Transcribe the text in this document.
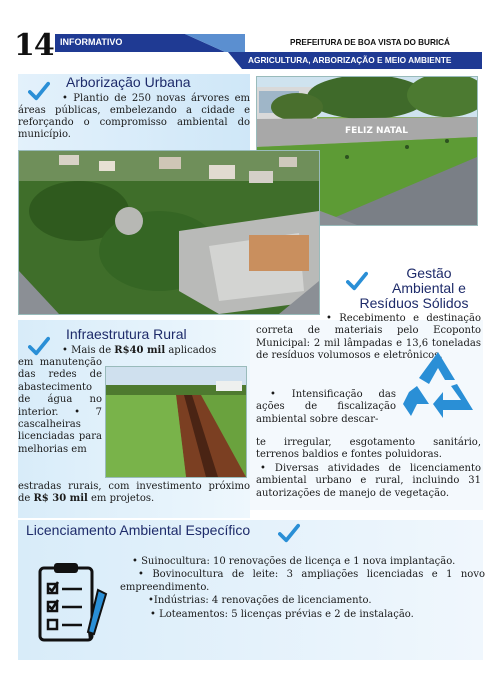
14 INFORMATIVO	PREFEITURA DE BOA VISTA DO BURICÁ
AGRICULTURA, ARBORIZAÇÃO E MEIO AMBIENTE
Arborização Urbana
• Plantio de 250 novas árvores em áreas públicas, embelezando a cidade e reforçando o compromisso ambiental do município.	FELIZ NATAL
Gestão
Ambiental e
Resíduos Sólidos
• Recebimento e destinação correta de materiais pelo Ecoponto Municipal: 2 mil lâmpadas e 13,6 toneladas de resíduos volumosos e eletrônicos.
• Intensificação das ações de fiscalização ambiental sobre descar-
te irregular, esgotamento sanitário, terrenos baldios e fontes poluidoras.
• Diversas atividades de licenciamento ambiental urbano e rural, incluindo 31 autorizações de manejo de vegetação.
Infraestrutura Rural
• Mais de R$40 mil aplicados
em manutenção das redes de abastecimento de água no interior. • 7 cascalheiras licenciadas para melhorias em
estradas rurais, com investimento próximo de R$ 30 mil em projetos.
Licenciamento Ambiental Específico
• Suinocultura: 10 renovações de licença e 1 nova implantação.
• Bovinocultura de leite: 3 ampliações licenciadas e 1 novo empreendimento.
•Indústrias: 4 renovações de licenciamento.
• Loteamentos: 5 licenças prévias e 2 de instalação.
